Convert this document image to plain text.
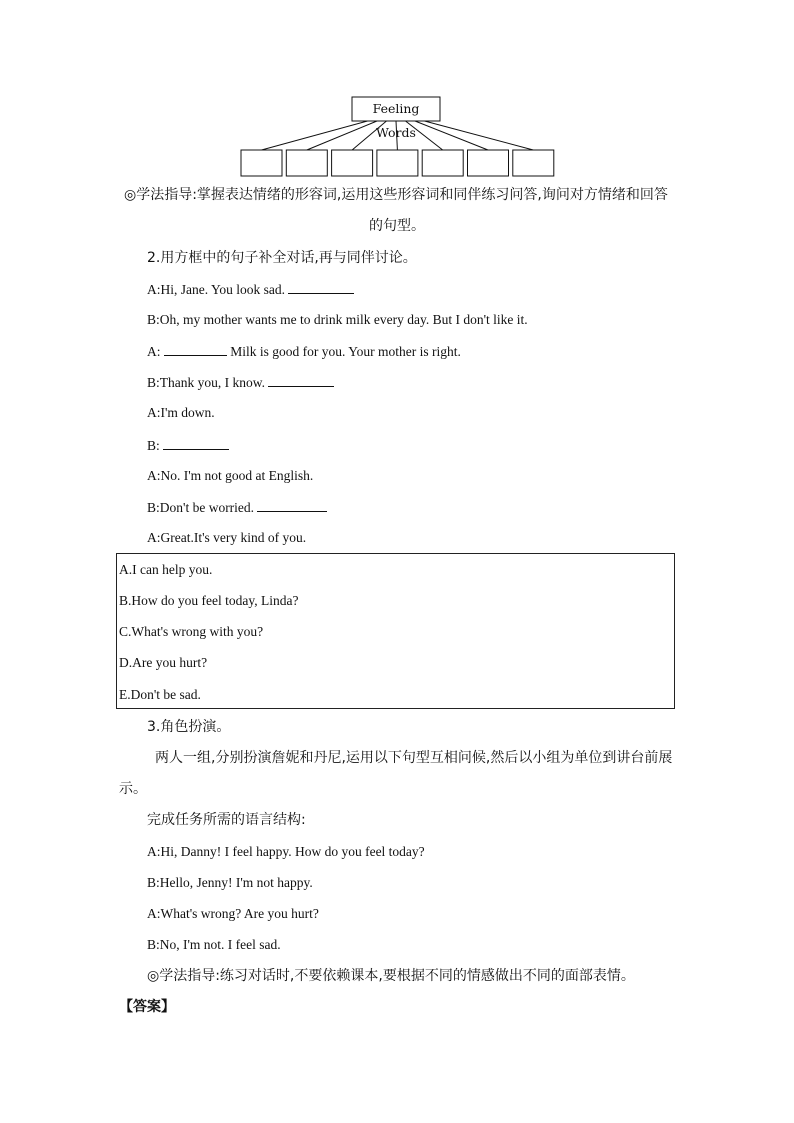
Feeling Words
◎学法指导:掌握表达情绪的形容词,运用这些形容词和同伴练习问答,询问对方情绪和回答
的句型。
2.用方框中的句子补全对话,再与同伴讨论。
A:Hi, Jane. You look sad.
B:Oh, my mother wants me to drink milk every day. But I don't like it.
A:	Milk is good for you. Your mother is right.
B:Thank you, I know.
A:I'm down.
B:
A:No. I'm not good at English.
B:Don't be worried.
A:Great.It's very kind of you.
A.I can help you.
B.How do you feel today, Linda?
C.What's wrong with you?
D.Are you hurt?
E.Don't be sad.
3.角色扮演。
两人一组,分别扮演詹妮和丹尼,运用以下句型互相问候,然后以小组为单位到讲台前展
示。
完成任务所需的语言结构:
A:Hi, Danny! I feel happy. How do you feel today?
B:Hello, Jenny! I'm not happy.
A:What's wrong? Are you hurt?
B:No, I'm not. I feel sad.
◎学法指导:练习对话时,不要依赖课本,要根据不同的情感做出不同的面部表情。
【答案】
